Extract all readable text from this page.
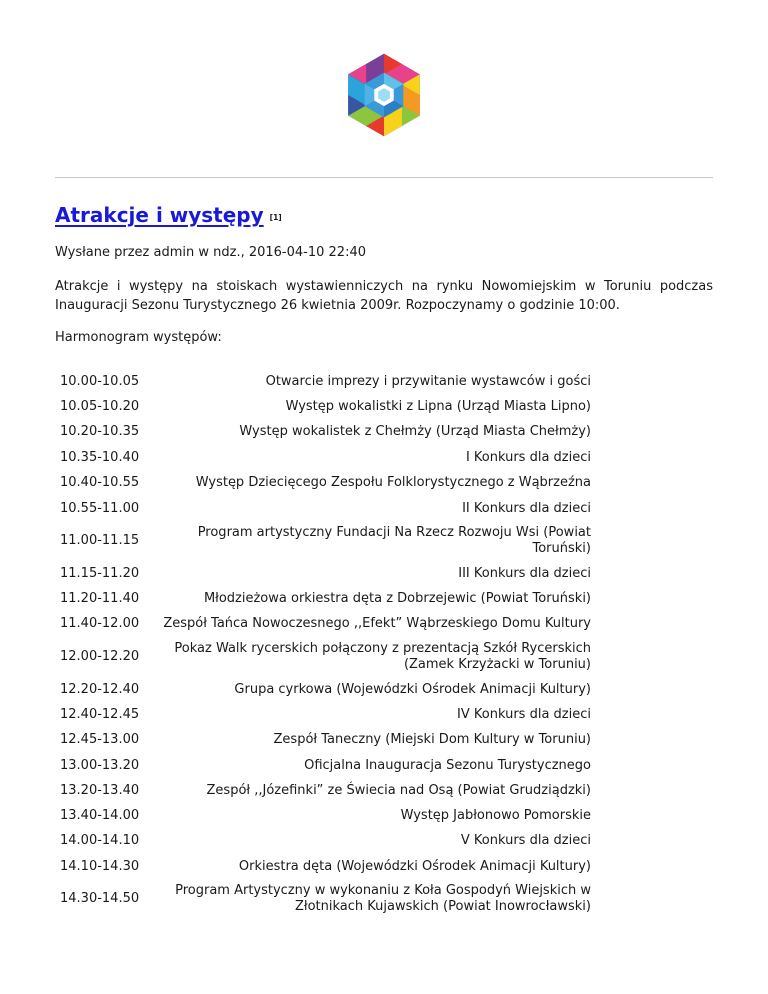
Atrakcje i występy [1]
Wysłane przez admin w ndz., 2016-04-10 22:40
Atrakcje i występy na stoiskach wystawienniczych na rynku Nowomiejskim w Toruniu podczas Inauguracji Sezonu Turystycznego 26 kwietnia 2009r. Rozpoczynamy o godzinie 10:00.
Harmonogram występów:
10.00-10.05	Otwarcie imprezy i przywitanie wystawców i gości
10.05-10.20	Występ wokalistki z Lipna (Urząd Miasta Lipno)
10.20-10.35	Występ wokalistek z Chełmży (Urząd Miasta Chełmży)
10.35-10.40	I Konkurs dla dzieci
10.40-10.55	Występ Dziecięcego Zespołu Folklorystycznego z Wąbrzeźna
10.55-11.00	II Konkurs dla dzieci
11.00-11.15	Program artystyczny Fundacji Na Rzecz Rozwoju Wsi (Powiat Toruński)
11.15-11.20	III Konkurs dla dzieci
11.20-11.40	Młodzieżowa orkiestra dęta z Dobrzejewic (Powiat Toruński)
11.40-12.00	Zespół Tańca Nowoczesnego ,,Efekt” Wąbrzeskiego Domu Kultury
12.00-12.20	Pokaz Walk rycerskich połączony z prezentacją Szkół Rycerskich (Zamek Krzyżacki w Toruniu)
12.20-12.40	Grupa cyrkowa (Wojewódzki Ośrodek Animacji Kultury)
12.40-12.45	IV Konkurs dla dzieci
12.45-13.00	Zespół Taneczny (Miejski Dom Kultury w Toruniu)
13.00-13.20	Oficjalna Inauguracja Sezonu Turystycznego
13.20-13.40	Zespół ,,Józefinki” ze Świecia nad Osą (Powiat Grudziądzki)
13.40-14.00	Występ Jabłonowo Pomorskie
14.00-14.10	V Konkurs dla dzieci
14.10-14.30	Orkiestra dęta (Wojewódzki Ośrodek Animacji Kultury)
14.30-14.50	Program Artystyczny w wykonaniu z Koła Gospodyń Wiejskich w Złotnikach Kujawskich (Powiat Inowrocławski)
